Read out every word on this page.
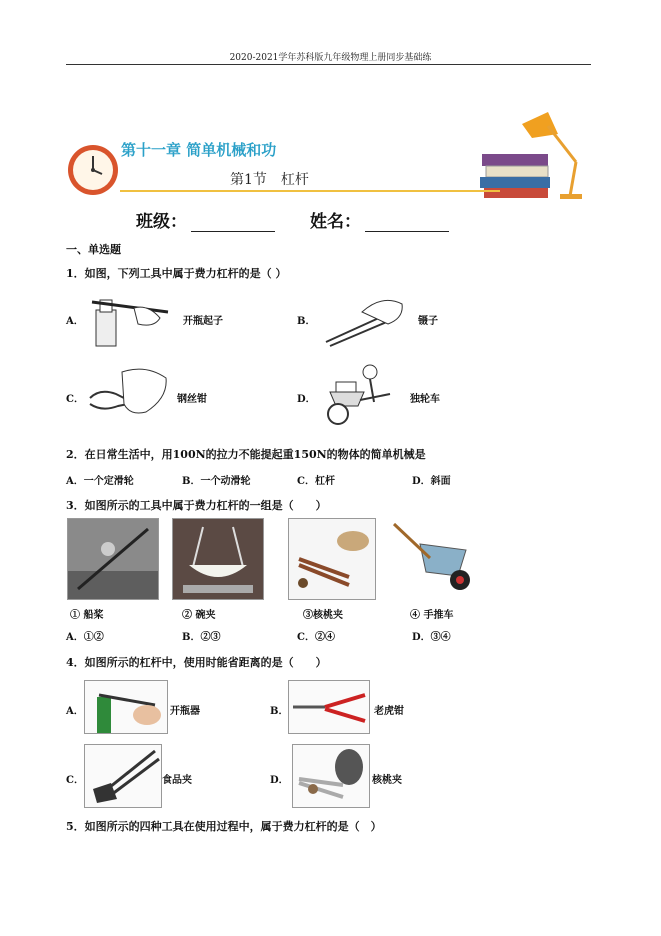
2020-2021学年苏科版九年级物理上册同步基础练
第十一章 简单机械和功
第1节　杠杆
班级：	姓名：
一、单选题
1．如图，下列工具中属于费力杠杆的是（ ）
A．	开瓶起子	B．	镊子
C．	钢丝钳	D．	独轮车
2．在日常生活中，用100N的拉力不能提起重150N的物体的简单机械是
A．一个定滑轮	B．一个动滑轮	C．杠杆	D．斜面
3．如图所示的工具中属于费力杠杆的一组是（　　）
① 船桨	② 碗夹	③核桃夹	④ 手推车
A．①②	B．②③	C．②④	D．③④
4．如图所示的杠杆中，使用时能省距离的是（　　）
A．	开瓶器	B．	老虎钳
C．	食品夹	D．	核桃夹
5．如图所示的四种工具在使用过程中，属于费力杠杆的是（　）
